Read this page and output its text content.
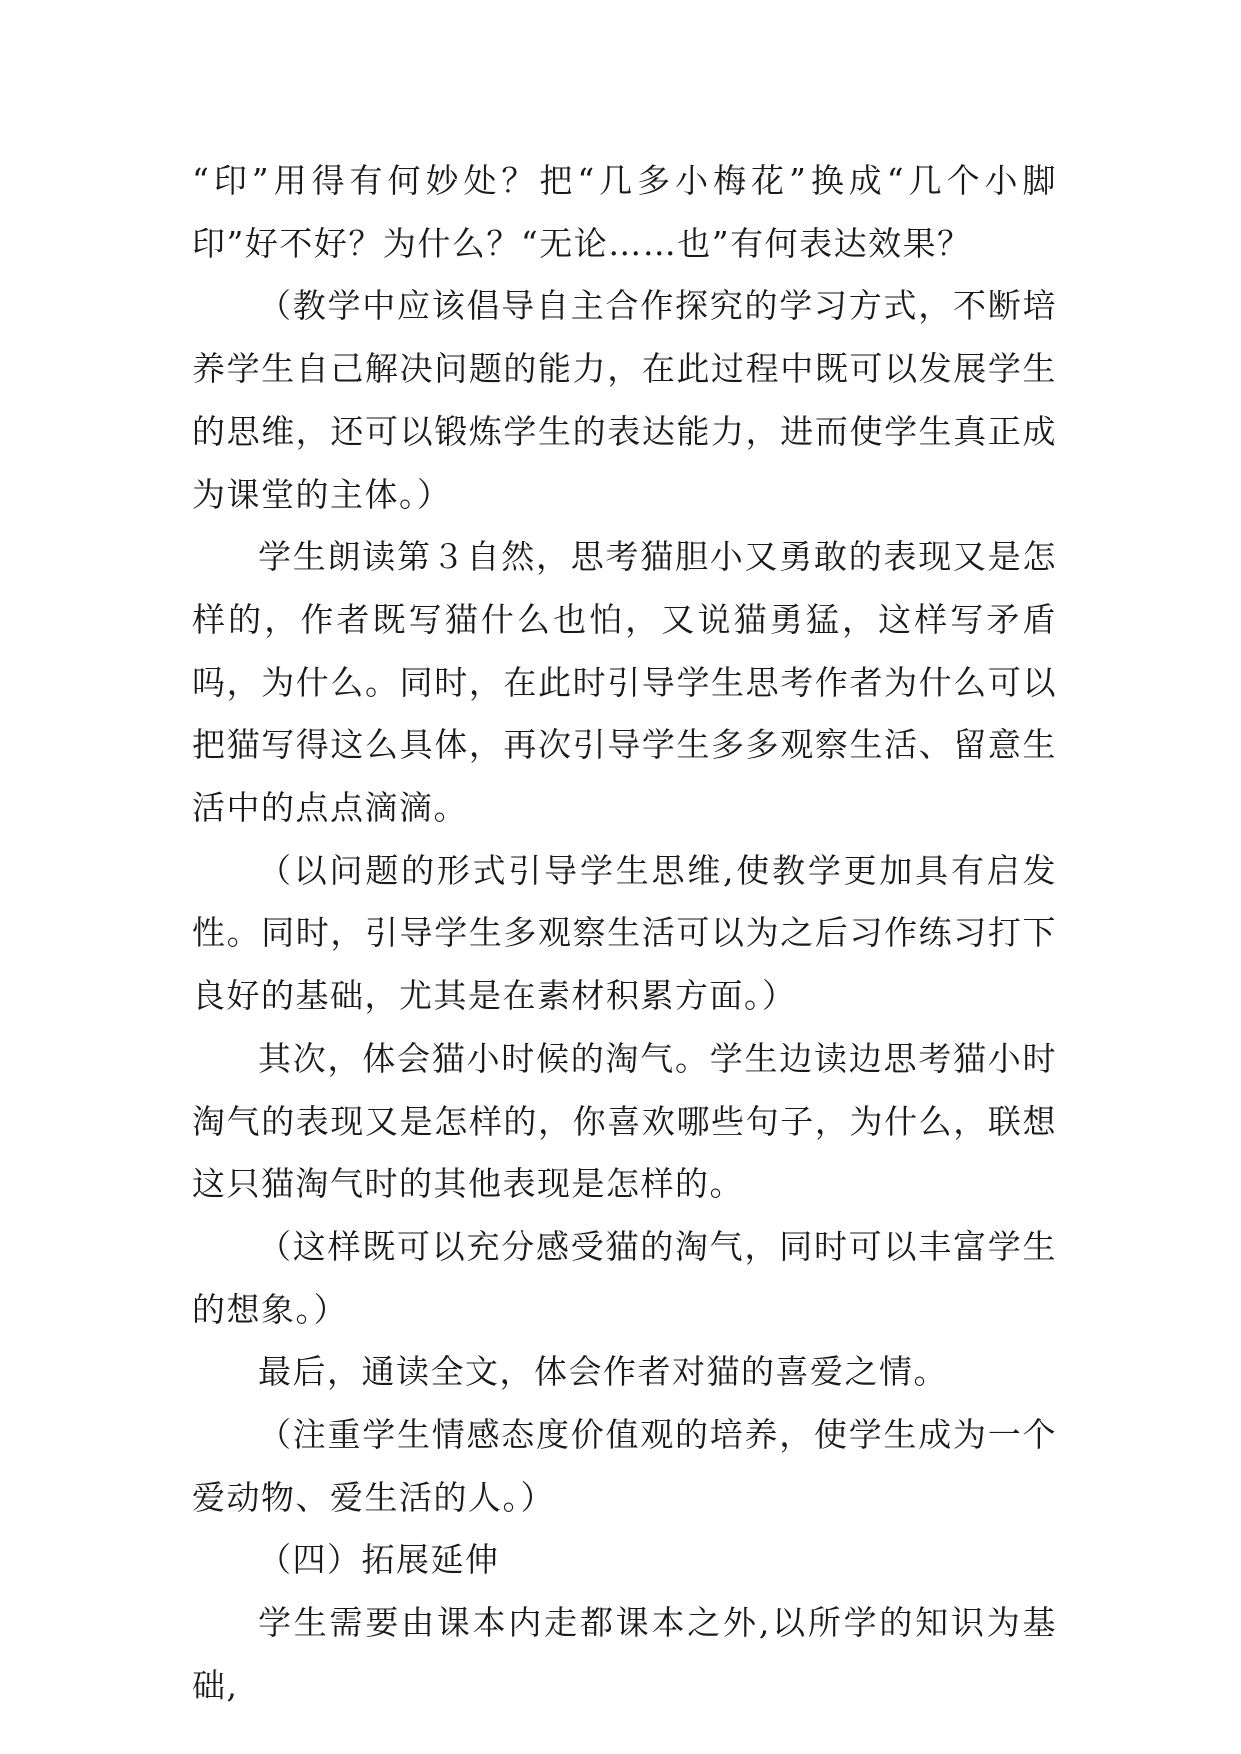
“印”用得有何妙处？把“几多小梅花”换成“几个小脚印”好不好？为什么？“无论……也”有何表达效果？

（教学中应该倡导自主合作探究的学习方式，不断培养学生自己解决问题的能力，在此过程中既可以发展学生的思维，还可以锻炼学生的表达能力，进而使学生真正成为课堂的主体。）

学生朗读第３自然，思考猫胆小又勇敢的表现又是怎样的，作者既写猫什么也怕，又说猫勇猛，这样写矛盾吗，为什么。同时，在此时引导学生思考作者为什么可以把猫写得这么具体，再次引导学生多多观察生活、留意生活中的点点滴滴。

（以问题的形式引导学生思维,使教学更加具有启发性。同时，引导学生多观察生活可以为之后习作练习打下良好的基础，尤其是在素材积累方面。）

其次，体会猫小时候的淘气。学生边读边思考猫小时淘气的表现又是怎样的，你喜欢哪些句子，为什么，联想这只猫淘气时的其他表现是怎样的。

（这样既可以充分感受猫的淘气，同时可以丰富学生的想象。）

最后，通读全文，体会作者对猫的喜爱之情。

（注重学生情感态度价值观的培养，使学生成为一个爱动物、爱生活的人。）

（四）拓展延伸

学生需要由课本内走都课本之外,以所学的知识为基础,
